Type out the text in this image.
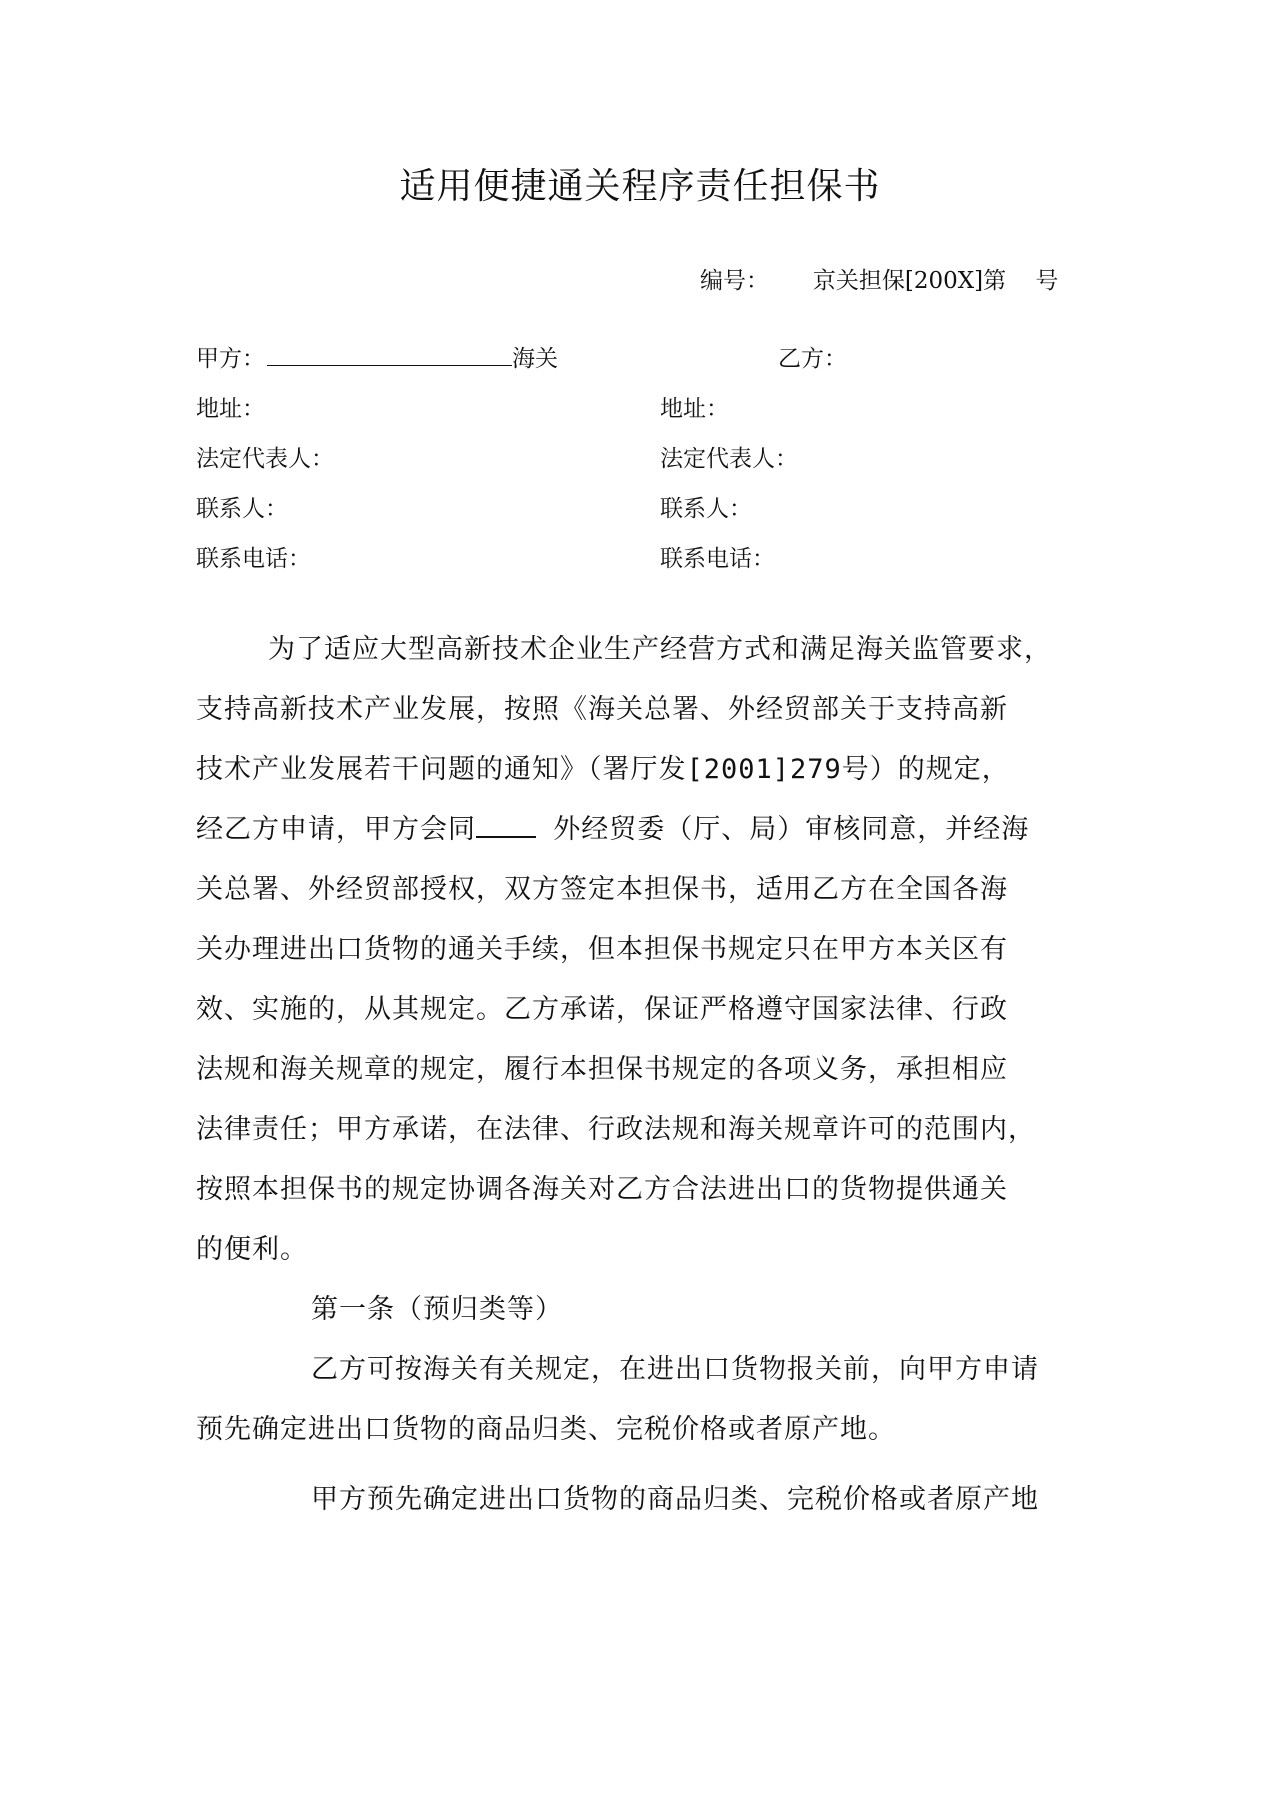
适用便捷通关程序责任担保书
编号： 京关担保[200X]第    号
甲方：	海关	乙方：
地址：	地址：
法定代表人：	法定代表人：
联系人：	联系人：
联系电话：	联系电话：
为了适应大型高新技术企业生产经营方式和满足海关监管要求，
支持高新技术产业发展，按照《海关总署、外经贸部关于支持高新
技术产业发展若干问题的通知》（署厅发[2001]279号）的规定，
经乙方申请，甲方会同 外经贸委（厅、局）审核同意，并经海
关总署、外经贸部授权，双方签定本担保书，适用乙方在全国各海
关办理进出口货物的通关手续，但本担保书规定只在甲方本关区有
效、实施的，从其规定。乙方承诺，保证严格遵守国家法律、行政
法规和海关规章的规定，履行本担保书规定的各项义务，承担相应
法律责任；甲方承诺，在法律、行政法规和海关规章许可的范围内，
按照本担保书的规定协调各海关对乙方合法进出口的货物提供通关
的便利。
第一条（预归类等）
乙方可按海关有关规定，在进出口货物报关前，向甲方申请
预先确定进出口货物的商品归类、完税价格或者原产地。
甲方预先确定进出口货物的商品归类、完税价格或者原产地
